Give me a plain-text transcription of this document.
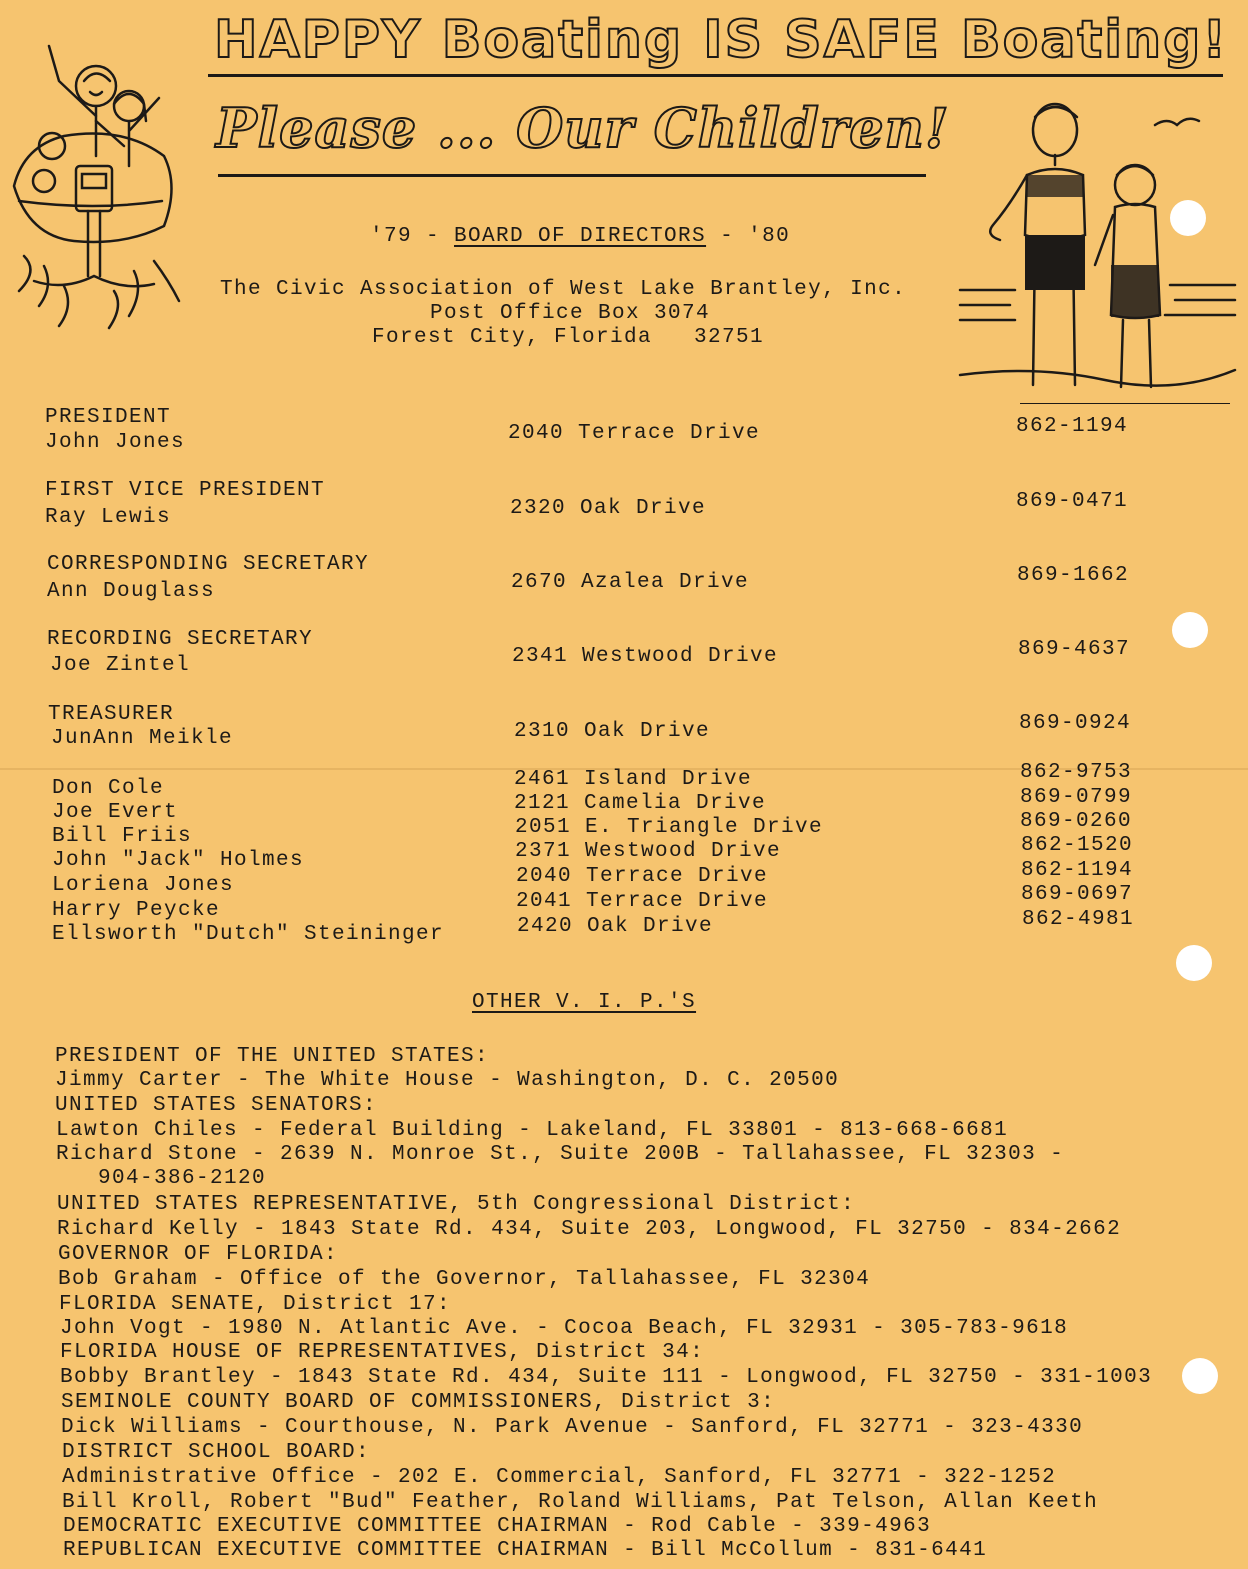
HAPPY Boating IS SAFE Boating!
Please ... Our Children!
'79 - BOARD OF DIRECTORS - '80
The Civic Association of West Lake Brantley, Inc.
Post Office Box 3074
Forest City, Florida   32751
PRESIDENT
John Jones	2040 Terrace Drive	862-1194
FIRST VICE PRESIDENT
Ray Lewis	2320 Oak Drive	869-0471
CORRESPONDING SECRETARY
Ann Douglass	2670 Azalea Drive	869-1662
RECORDING SECRETARY
Joe Zintel	2341 Westwood Drive	869-4637
TREASURER
JunAnn Meikle	2310 Oak Drive	869-0924
Don Cole	2461 Island Drive	862-9753
Joe Evert	2121 Camelia Drive	869-0799
Bill Friis	2051 E. Triangle Drive	869-0260
John "Jack" Holmes	2371 Westwood Drive	862-1520
Loriena Jones	2040 Terrace Drive	862-1194
Harry Peycke	2041 Terrace Drive	869-0697
Ellsworth "Dutch" Steininger	2420 Oak Drive	862-4981
OTHER V. I. P.'S
PRESIDENT OF THE UNITED STATES:
Jimmy Carter - The White House - Washington, D. C. 20500
UNITED STATES SENATORS:
Lawton Chiles - Federal Building - Lakeland, FL 33801 - 813-668-6681
Richard Stone - 2639 N. Monroe St., Suite 200B - Tallahassee, FL 32303 -
904-386-2120
UNITED STATES REPRESENTATIVE, 5th Congressional District:
Richard Kelly - 1843 State Rd. 434, Suite 203, Longwood, FL 32750 - 834-2662
GOVERNOR OF FLORIDA:
Bob Graham - Office of the Governor, Tallahassee, FL 32304
FLORIDA SENATE, District 17:
John Vogt - 1980 N. Atlantic Ave. - Cocoa Beach, FL 32931 - 305-783-9618
FLORIDA HOUSE OF REPRESENTATIVES, District 34:
Bobby Brantley - 1843 State Rd. 434, Suite 111 - Longwood, FL 32750 - 331-1003
SEMINOLE COUNTY BOARD OF COMMISSIONERS, District 3:
Dick Williams - Courthouse, N. Park Avenue - Sanford, FL 32771 - 323-4330
DISTRICT SCHOOL BOARD:
Administrative Office - 202 E. Commercial, Sanford, FL 32771 - 322-1252
Bill Kroll, Robert "Bud" Feather, Roland Williams, Pat Telson, Allan Keeth
DEMOCRATIC EXECUTIVE COMMITTEE CHAIRMAN - Rod Cable - 339-4963
REPUBLICAN EXECUTIVE COMMITTEE CHAIRMAN - Bill McCollum - 831-6441
